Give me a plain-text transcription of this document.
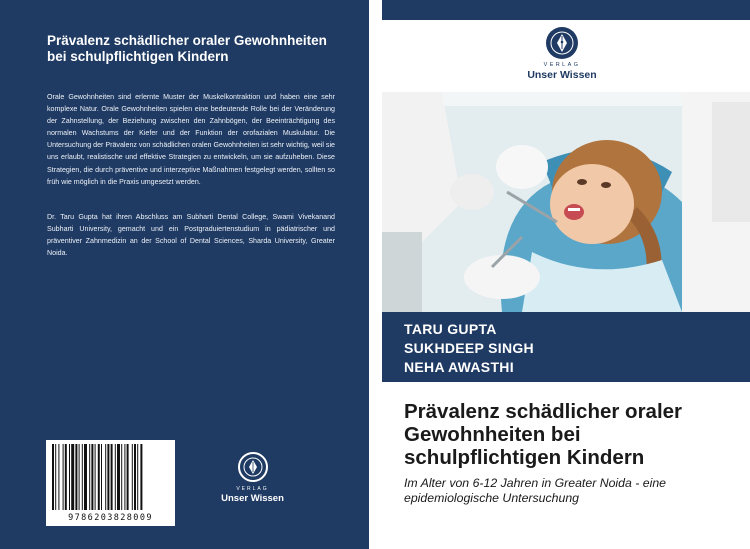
Prävalenz schädlicher oraler Gewohnheiten bei schulpflichtigen Kindern
Orale Gewohnheiten sind erlernte Muster der Muskelkontraktion und haben eine sehr komplexe Natur. Orale Gewohnheiten spielen eine bedeutende Rolle bei der Veränderung der Zahnstellung, der Beziehung zwischen den Zahnbögen, der Beeinträchtigung des normalen Wachstums der Kiefer und der Funktion der orofazialen Muskulatur. Die Untersuchung der Prävalenz von schädlichen oralen Gewohnheiten ist sehr wichtig, weil sie uns erlaubt, realistische und effektive Strategien zu entwickeln, um sie aufzuheben. Diese Strategien, die durch präventive und interzeptive Maßnahmen festgelegt werden, sollten so früh wie möglich in die Praxis umgesetzt werden.
Dr. Taru Gupta hat ihren Abschluss am Subharti Dental College, Swami Vivekanand Subharti University, gemacht und ein Postgraduiertenstudium in pädiatrischer und präventiver Zahnmedizin an der School of Dental Sciences, Sharda University, Greater Noida.
9786203828009
VERLAG
Unser Wissen
VERLAG
Unser Wissen
TARU GUPTA
SUKHDEEP SINGH
NEHA AWASTHI
Prävalenz schädlicher oraler Gewohnheiten bei schulpflichtigen Kindern
Im Alter von 6-12 Jahren in Greater Noida - eine epidemiologische Untersuchung
